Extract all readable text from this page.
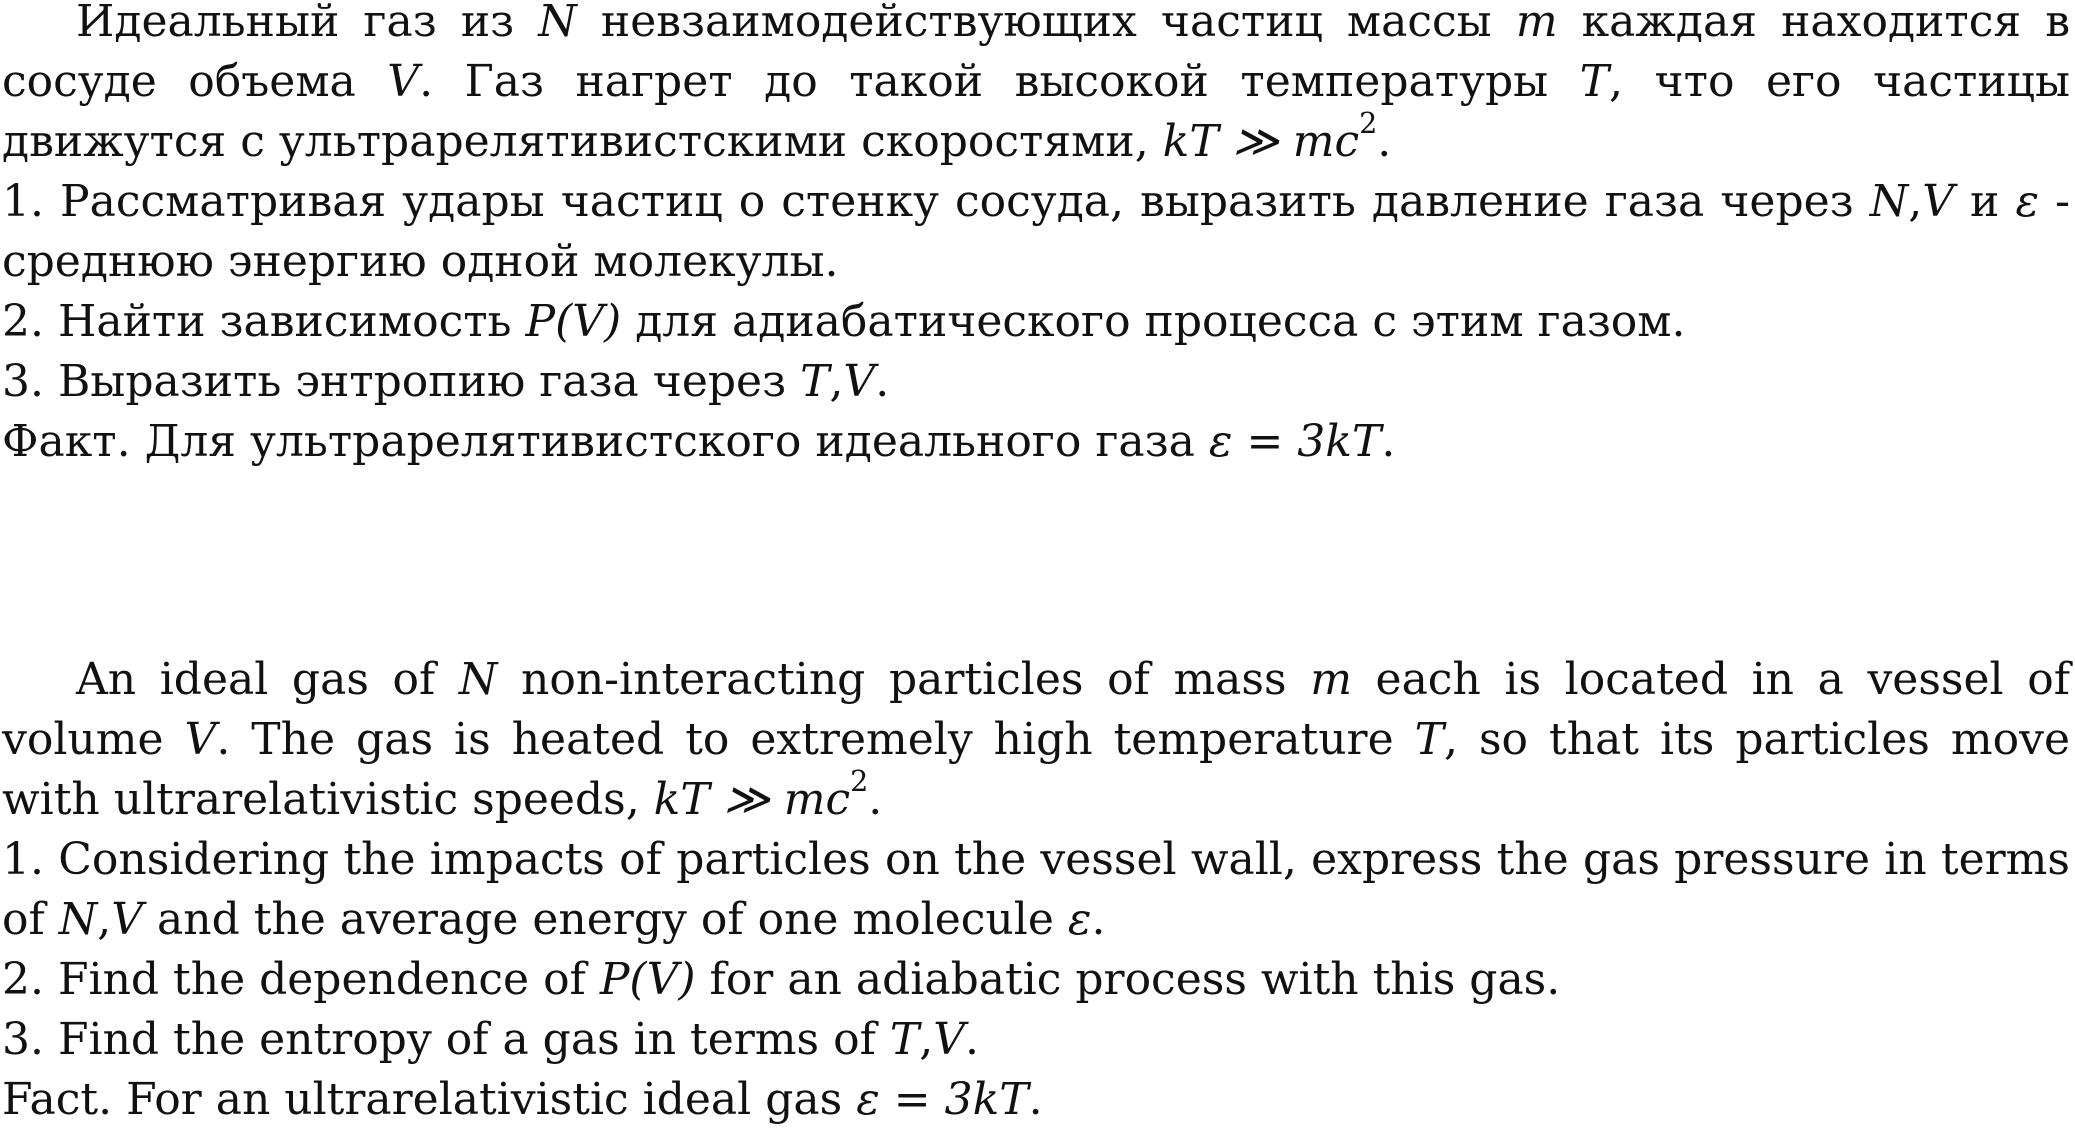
Идеальный газ из N невзаимодействующих частиц массы m каждая находится в сосуде объема V. Газ нагрет до такой высокой температуры T, что его частицы движутся с ультрарелятивистскими скоростями, kT ≫ $mc^2$.

1. Рассматривая удары частиц о стенку сосуда, выразить давление газа через N,V и ε - среднюю энергию одной молекулы.

2. Найти зависимость P(V) для адиабатического процесса с этим газом.

3. Выразить энтропию газа через T,V.

Факт. Для ультрарелятивистского идеального газа ε = 3kT.

An ideal gas of N non-interacting particles of mass m each is located in a vessel of volume V. The gas is heated to extremely high temperature T, so that its particles move with ultrarelativistic speeds, kT ≫ $mc^2$.

1. Considering the impacts of particles on the vessel wall, express the gas pressure in terms of N,V and the average energy of one molecule ε.

2. Find the dependence of P(V) for an adiabatic process with this gas.

3. Find the entropy of a gas in terms of T,V.

Fact. For an ultrarelativistic ideal gas ε = 3kT.
